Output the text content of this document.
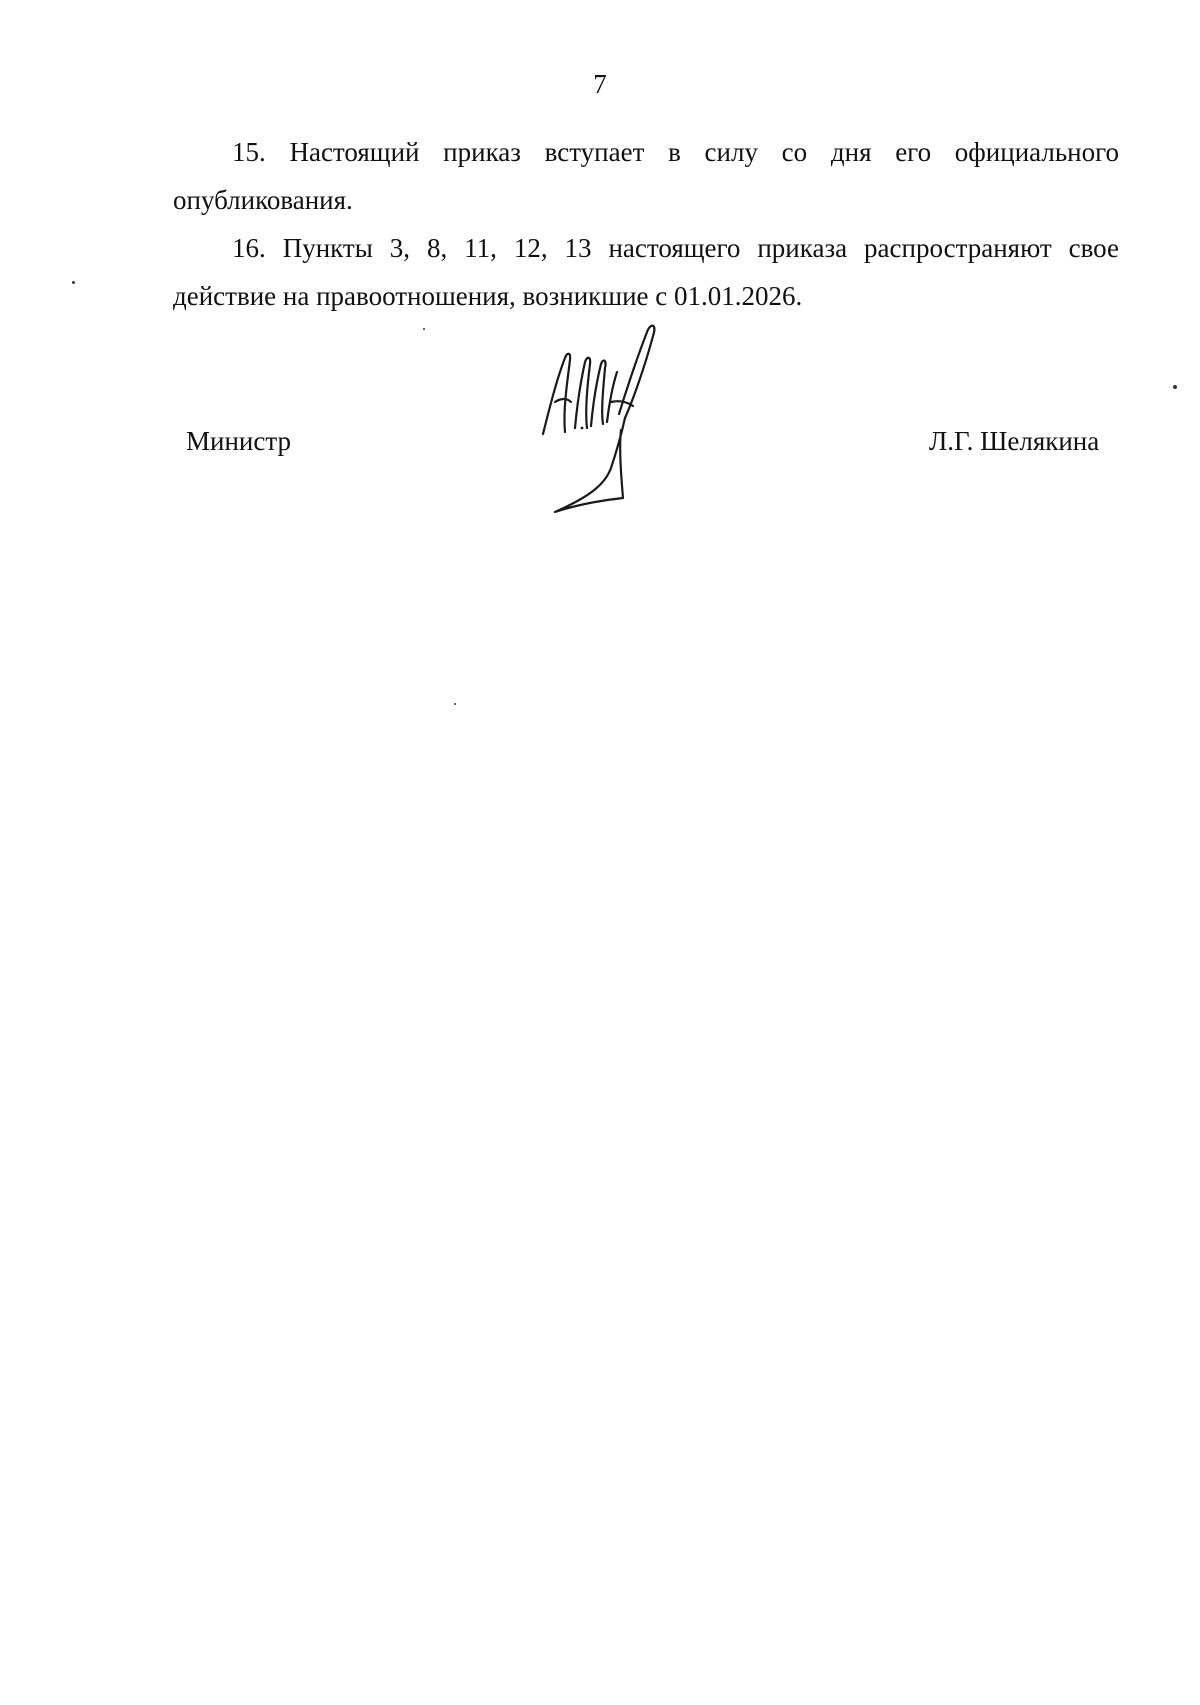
7

15. Настоящий приказ вступает в силу со дня его официального опубликования.

16. Пункты 3, 8, 11, 12, 13 настоящего приказа распространяют свое действие на правоотношения, возникшие с 01.01.2026.

Министр	Л.Г. Шелякина
